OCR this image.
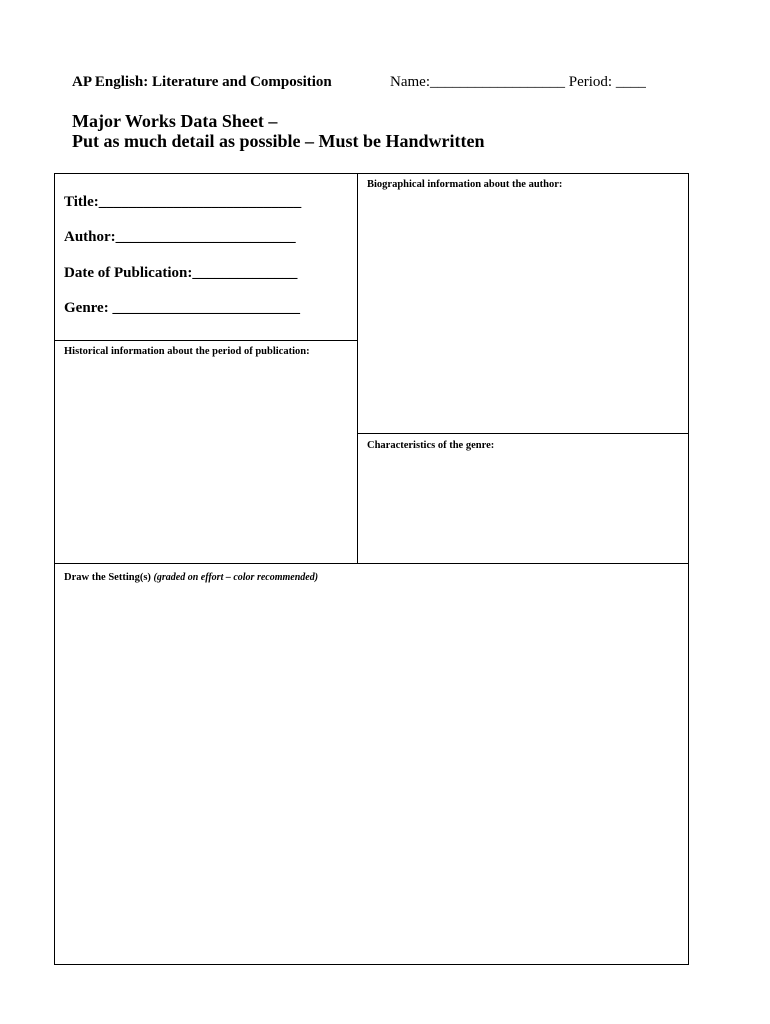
AP English: Literature and Composition	Name:__________________ Period: ____
Major Works Data Sheet –
Put as much detail as possible – Must be Handwritten
Title:___________________________
Author:________________________
Date of Publication:______________
Genre: _________________________
Biographical information about the author:
Historical information about the period of publication:
Characteristics of the genre:
Draw the Setting(s) (graded on effort – color recommended)
